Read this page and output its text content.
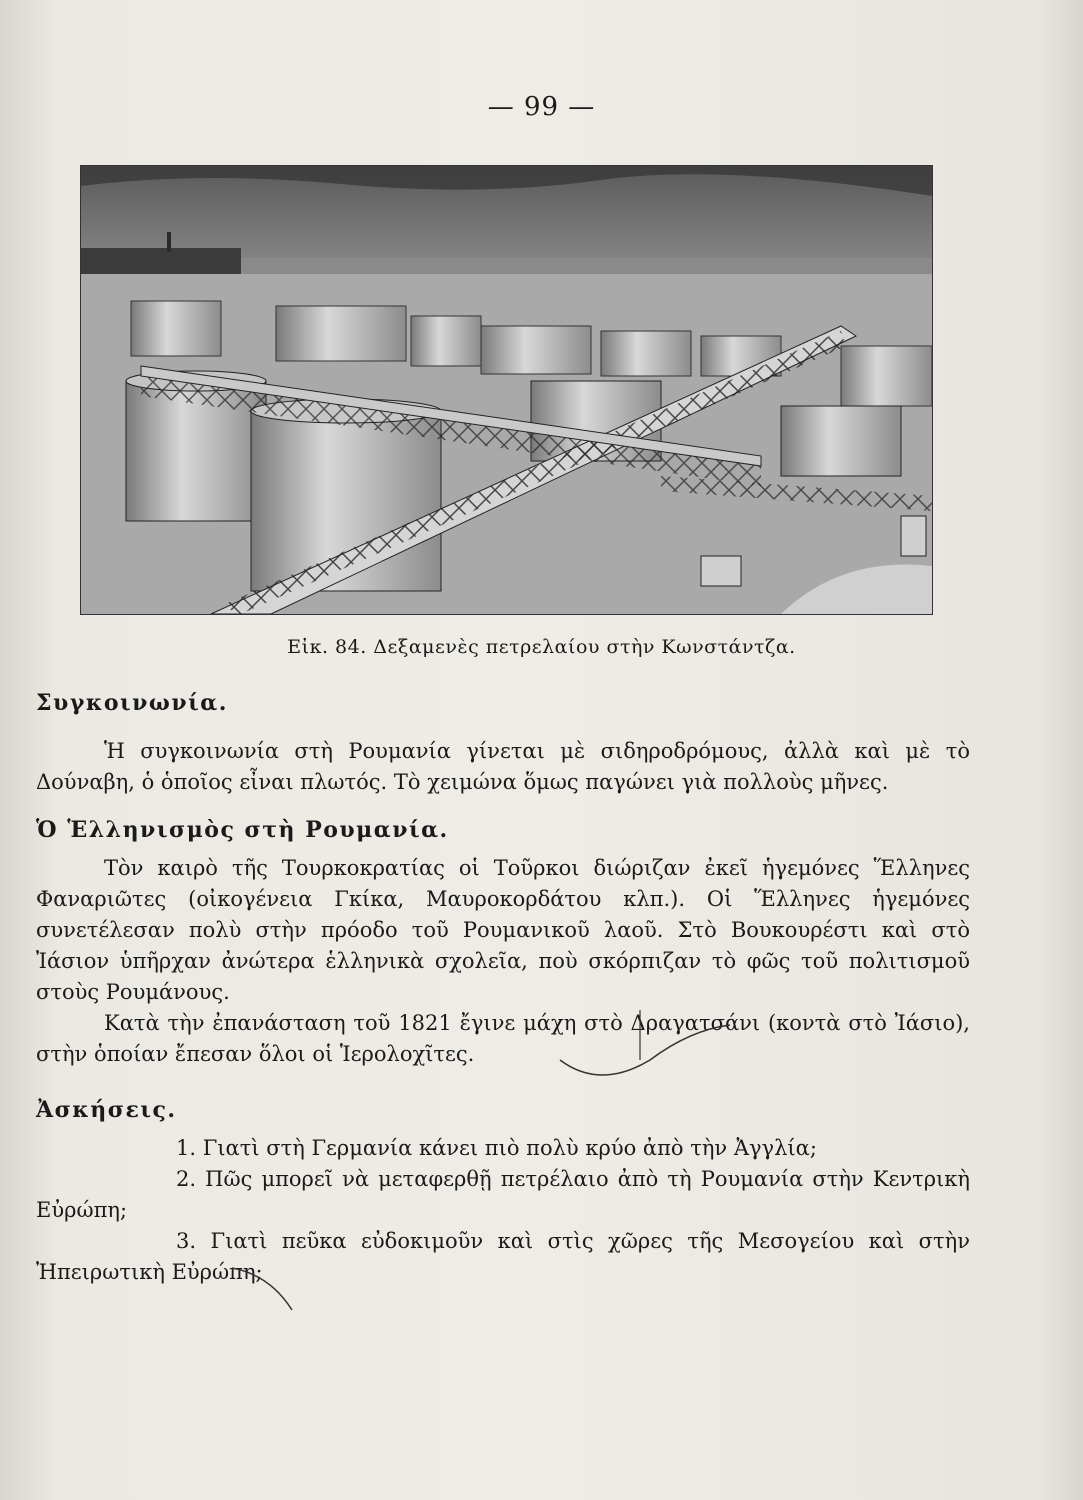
— 99 —
Εἰκ. 84. Δεξαμενὲς πετρελαίου στὴν Κωνστάντζα.
Συγκοινωνία.

Ἡ συγκοινωνία στὴ Ρουμανία γίνεται μὲ σιδηροδρόμους, ἀλλὰ καὶ μὲ τὸ Δούναβη, ὁ ὁποῖος εἶναι πλωτός. Τὸ χειμώνα ὅμως παγώνει γιὰ πολλοὺς μῆνες.

Ὁ Ἑλληνισμὸς στὴ Ρουμανία.

Τὸν καιρὸ τῆς Τουρκοκρατίας οἱ Τοῦρκοι διώριζαν ἐκεῖ ἡγεμόνες Ἕλληνες Φαναριῶτες (οἰκογένεια Γκίκα, Μαυροκορδάτου κλπ.). Οἱ Ἕλληνες ἡγεμόνες συνετέλεσαν πολὺ στὴν πρόοδο τοῦ Ρουμανικοῦ λαοῦ. Στὸ Βουκουρέστι καὶ στὸ Ἰάσιον ὑπῆρχαν ἀνώτερα ἑλληνικὰ σχολεῖα, ποὺ σκόρπιζαν τὸ φῶς τοῦ πολιτισμοῦ στοὺς Ρουμάνους.

Κατὰ τὴν ἐπανάσταση τοῦ 1821 ἔγινε μάχη στὸ Δραγατσάνι (κοντὰ στὸ Ἰάσιο), στὴν ὁποίαν ἔπεσαν ὅλοι οἱ Ἱερολοχῖτες.

Ἀσκήσεις.

1. Γιατὶ στὴ Γερμανία κάνει πιὸ πολὺ κρύο ἀπὸ τὴν Ἀγγλία;

2. Πῶς μπορεῖ νὰ μεταφερθῇ πετρέλαιο ἀπὸ τὴ Ρουμανία στὴν Κεντρικὴ Εὐρώπη;

3. Γιατὶ πεῦκα εὐδοκιμοῦν καὶ στὶς χῶρες τῆς Μεσογείου καὶ στὴν Ἠπειρωτικὴ Εὐρώπη;
